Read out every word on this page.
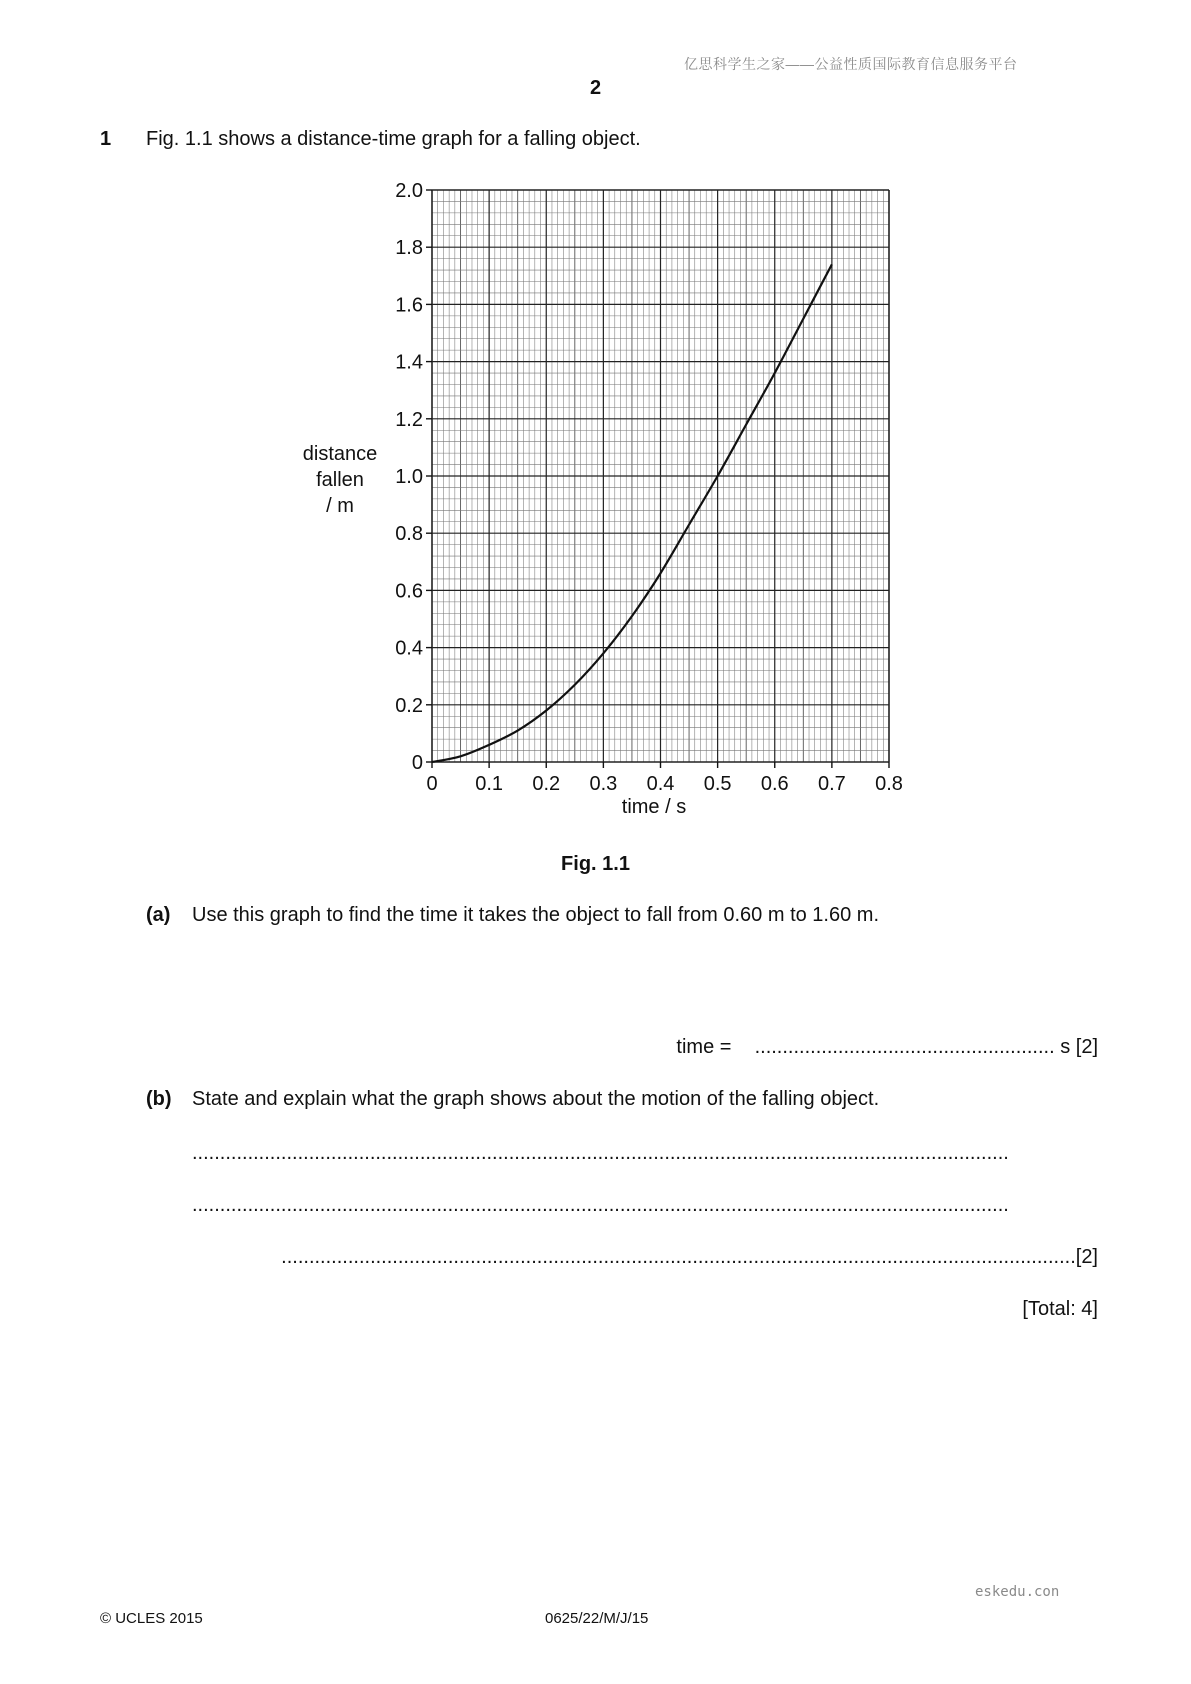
亿思科学生之家——公益性质国际教育信息服务平台
2
1 Fig. 1.1 shows a distance-time graph for a falling object.
0 0.1 0.2 0.3 0.4 0.5 0.6 0.7 0.8
0
0.2
0.4
0.6
0.8
1.0
1.2
1.4
1.6
1.8
2.0
distance
fallen
/ m
time / s
Fig. 1.1
(a) Use this graph to find the time it takes the object to fall from 0.60 m to 1.60 m.
time = ...................................................... s [2]
(b) State and explain what the graph shows about the motion of the falling object.
...................................................................................................................................................
...................................................................................................................................................
...............................................................................................................................................[2]
[Total: 4]
eskedu.con
© UCLES 2015	0625/22/M/J/15
